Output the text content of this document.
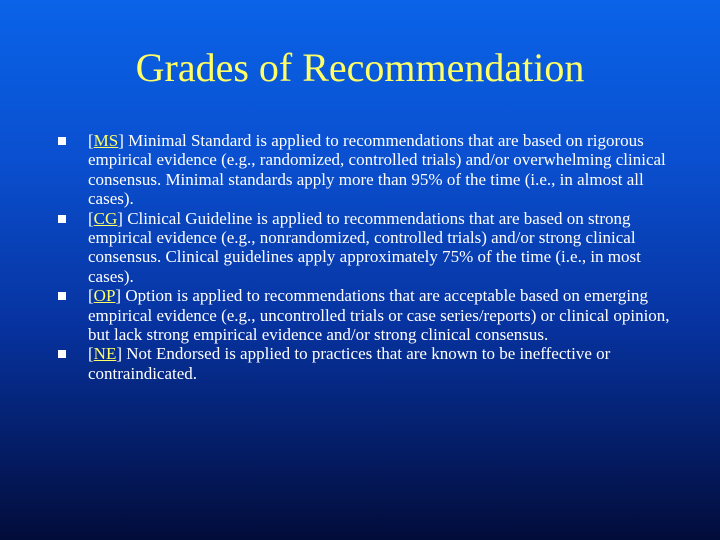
Grades of Recommendation
[MS] Minimal Standard is applied to recommendations that are based on rigorous empirical evidence (e.g., randomized, controlled trials) and/or overwhelming clinical consensus. Minimal standards apply more than 95% of the time (i.e., in almost all cases).
[CG] Clinical Guideline is applied to recommendations that are based on strong empirical evidence (e.g., nonrandomized, controlled trials) and/or strong clinical consensus. Clinical guidelines apply approximately 75% of the time (i.e., in most cases).
[OP] Option is applied to recommendations that are acceptable based on emerging empirical evidence (e.g., uncontrolled trials or case series/reports) or clinical opinion, but lack strong empirical evidence and/or strong clinical consensus.
[NE] Not Endorsed is applied to practices that are known to be ineffective or contraindicated.
